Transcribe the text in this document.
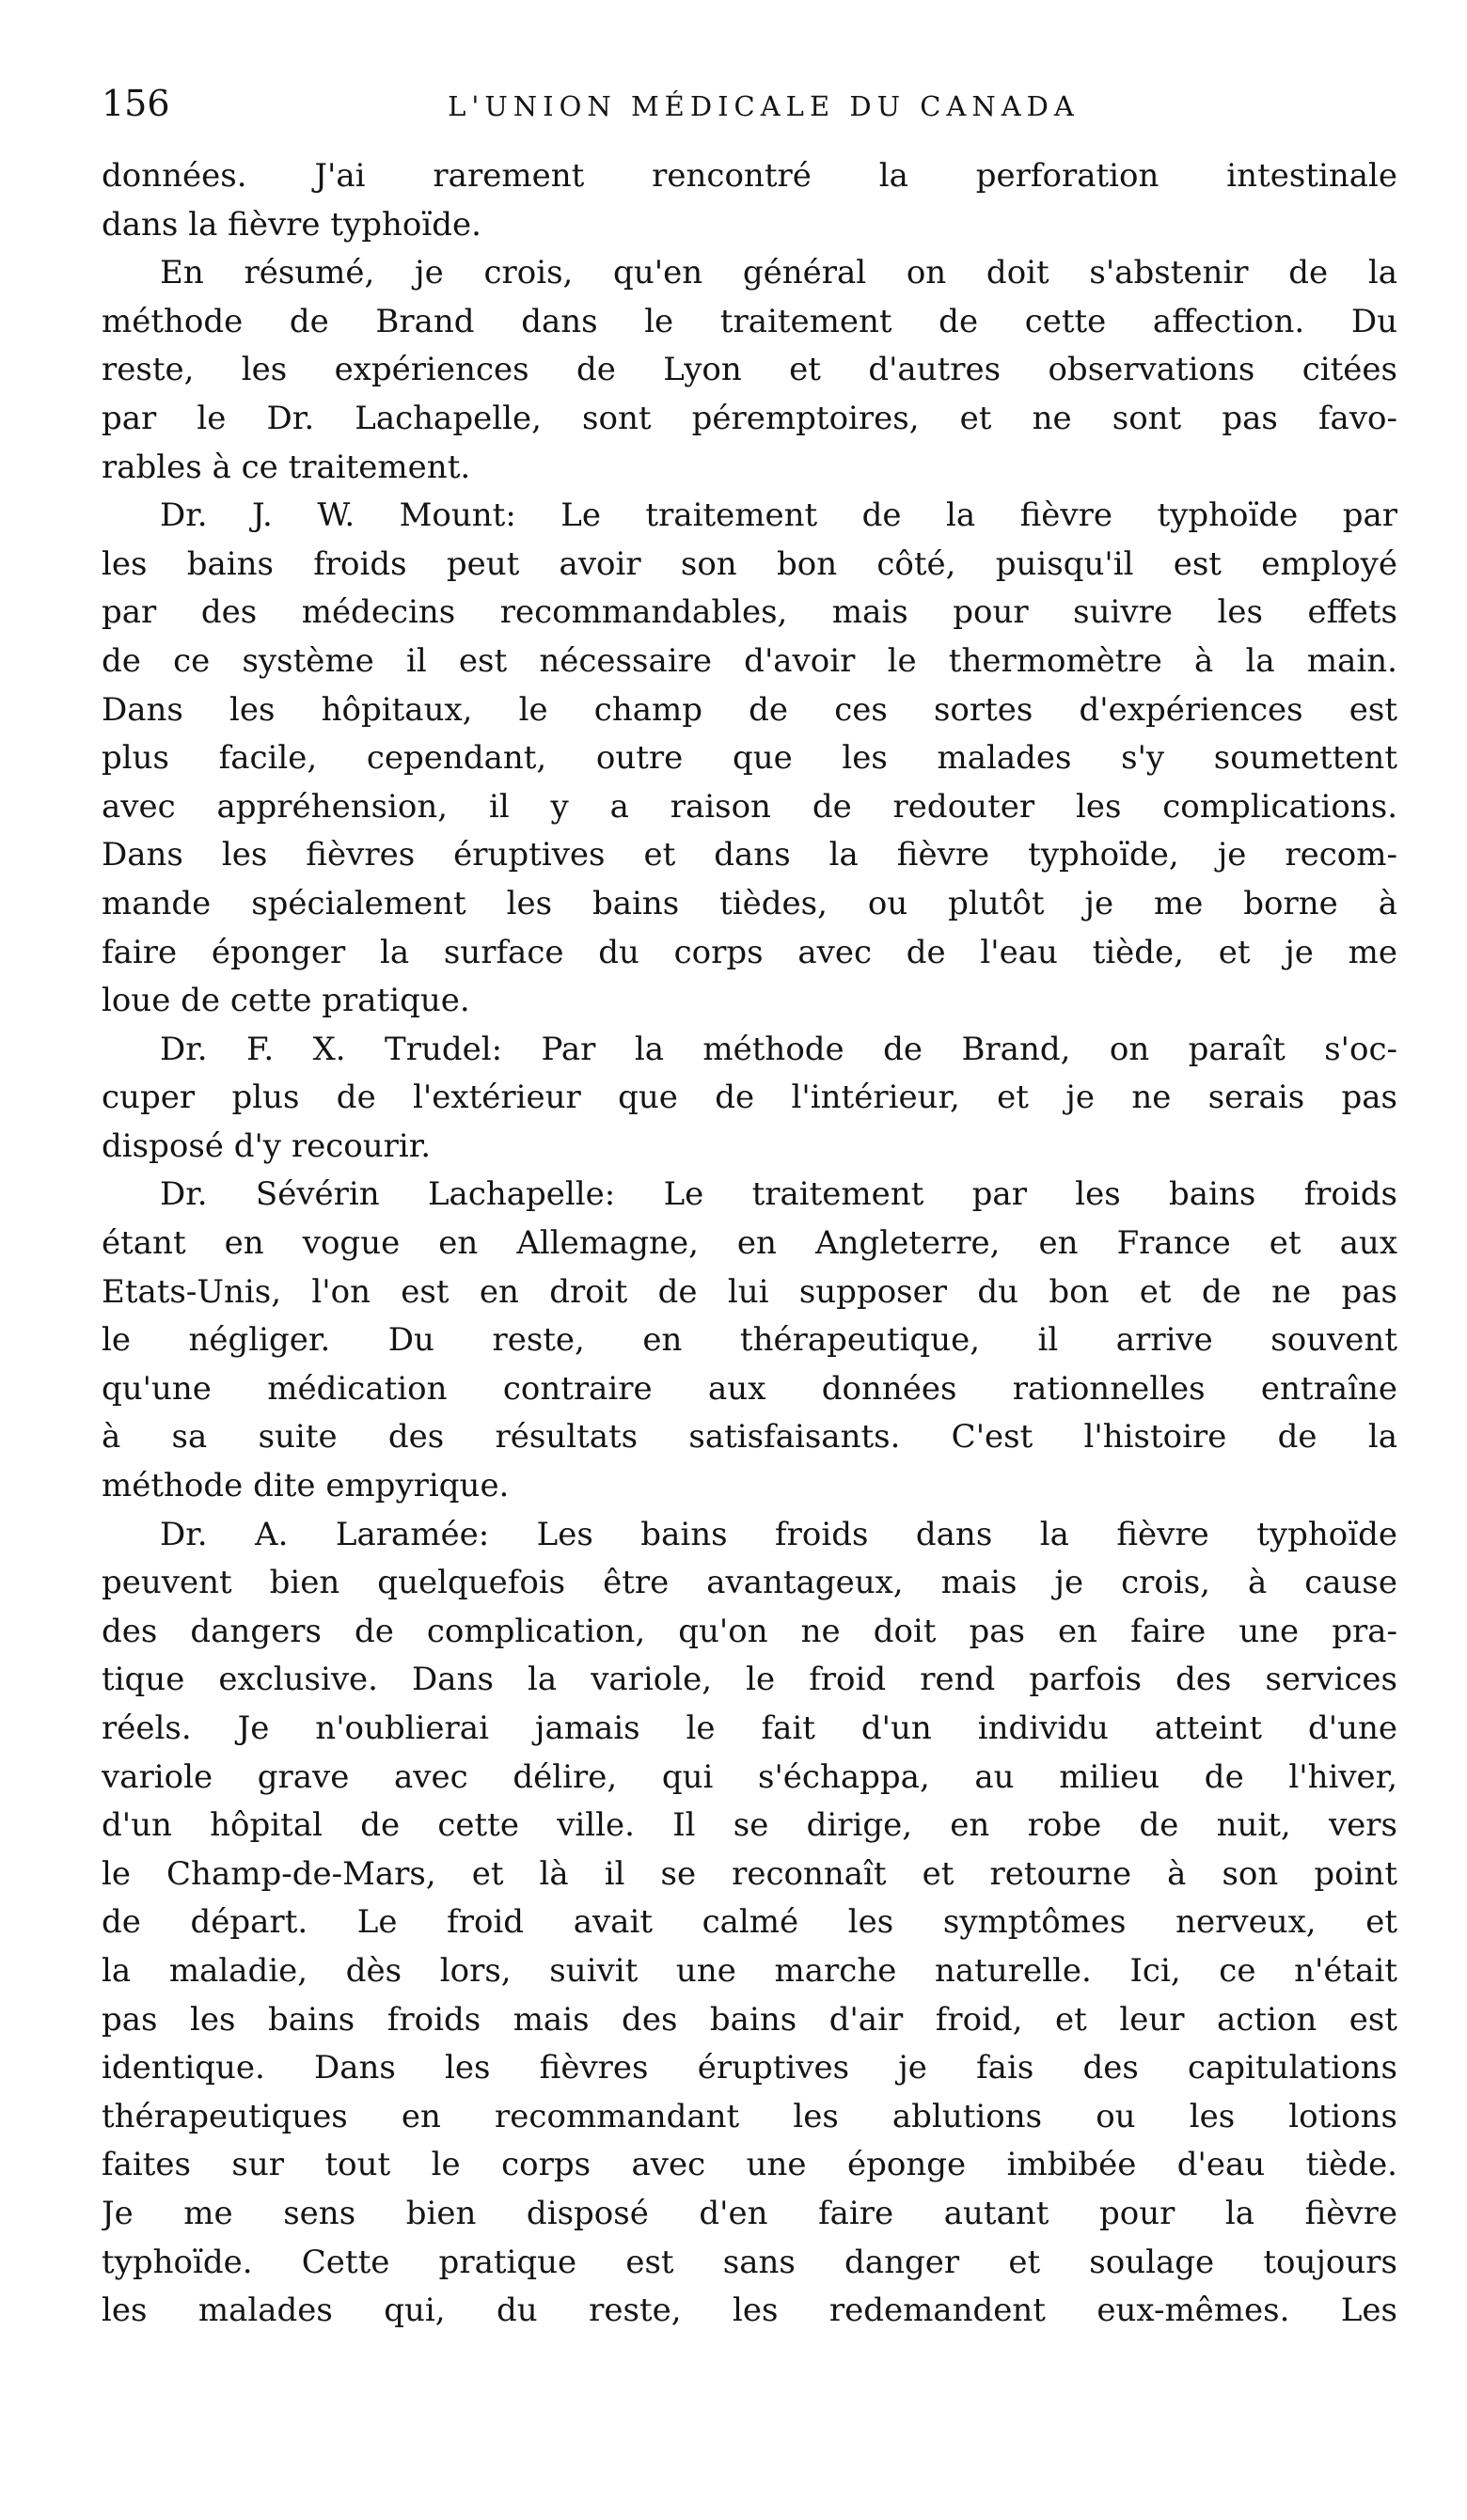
156	L'UNION MÉDICALE DU CANADA
données. J'ai rarement rencontré la perforation intestinale
dans la fièvre typhoïde.
En résumé, je crois, qu'en général on doit s'abstenir de la
méthode de Brand dans le traitement de cette affection. Du
reste, les expériences de Lyon et d'autres observations citées
par le Dr. Lachapelle, sont péremptoires, et ne sont pas favo-
rables à ce traitement.
Dr. J. W. Mount: Le traitement de la fièvre typhoïde par
les bains froids peut avoir son bon côté, puisqu'il est employé
par des médecins recommandables, mais pour suivre les effets
de ce système il est nécessaire d'avoir le thermomètre à la main.
Dans les hôpitaux, le champ de ces sortes d'expériences est
plus facile, cependant, outre que les malades s'y soumettent
avec appréhension, il y a raison de redouter les complications.
Dans les fièvres éruptives et dans la fièvre typhoïde, je recom-
mande spécialement les bains tièdes, ou plutôt je me borne à
faire éponger la surface du corps avec de l'eau tiède, et je me
loue de cette pratique.
Dr. F. X. Trudel: Par la méthode de Brand, on paraît s'oc-
cuper plus de l'extérieur que de l'intérieur, et je ne serais pas
disposé d'y recourir.
Dr. Sévérin Lachapelle: Le traitement par les bains froids
étant en vogue en Allemagne, en Angleterre, en France et aux
Etats-Unis, l'on est en droit de lui supposer du bon et de ne pas
le négliger. Du reste, en thérapeutique, il arrive souvent
qu'une médication contraire aux données rationnelles entraîne
à sa suite des résultats satisfaisants. C'est l'histoire de la
méthode dite empyrique.
Dr. A. Laramée: Les bains froids dans la fièvre typhoïde
peuvent bien quelquefois être avantageux, mais je crois, à cause
des dangers de complication, qu'on ne doit pas en faire une pra-
tique exclusive. Dans la variole, le froid rend parfois des services
réels. Je n'oublierai jamais le fait d'un individu atteint d'une
variole grave avec délire, qui s'échappa, au milieu de l'hiver,
d'un hôpital de cette ville. Il se dirige, en robe de nuit, vers
le Champ-de-Mars, et là il se reconnaît et retourne à son point
de départ. Le froid avait calmé les symptômes nerveux, et
la maladie, dès lors, suivit une marche naturelle. Ici, ce n'était
pas les bains froids mais des bains d'air froid, et leur action est
identique. Dans les fièvres éruptives je fais des capitulations
thérapeutiques en recommandant les ablutions ou les lotions
faites sur tout le corps avec une éponge imbibée d'eau tiède.
Je me sens bien disposé d'en faire autant pour la fièvre
typhoïde. Cette pratique est sans danger et soulage toujours
les malades qui, du reste, les redemandent eux-mêmes. Les
